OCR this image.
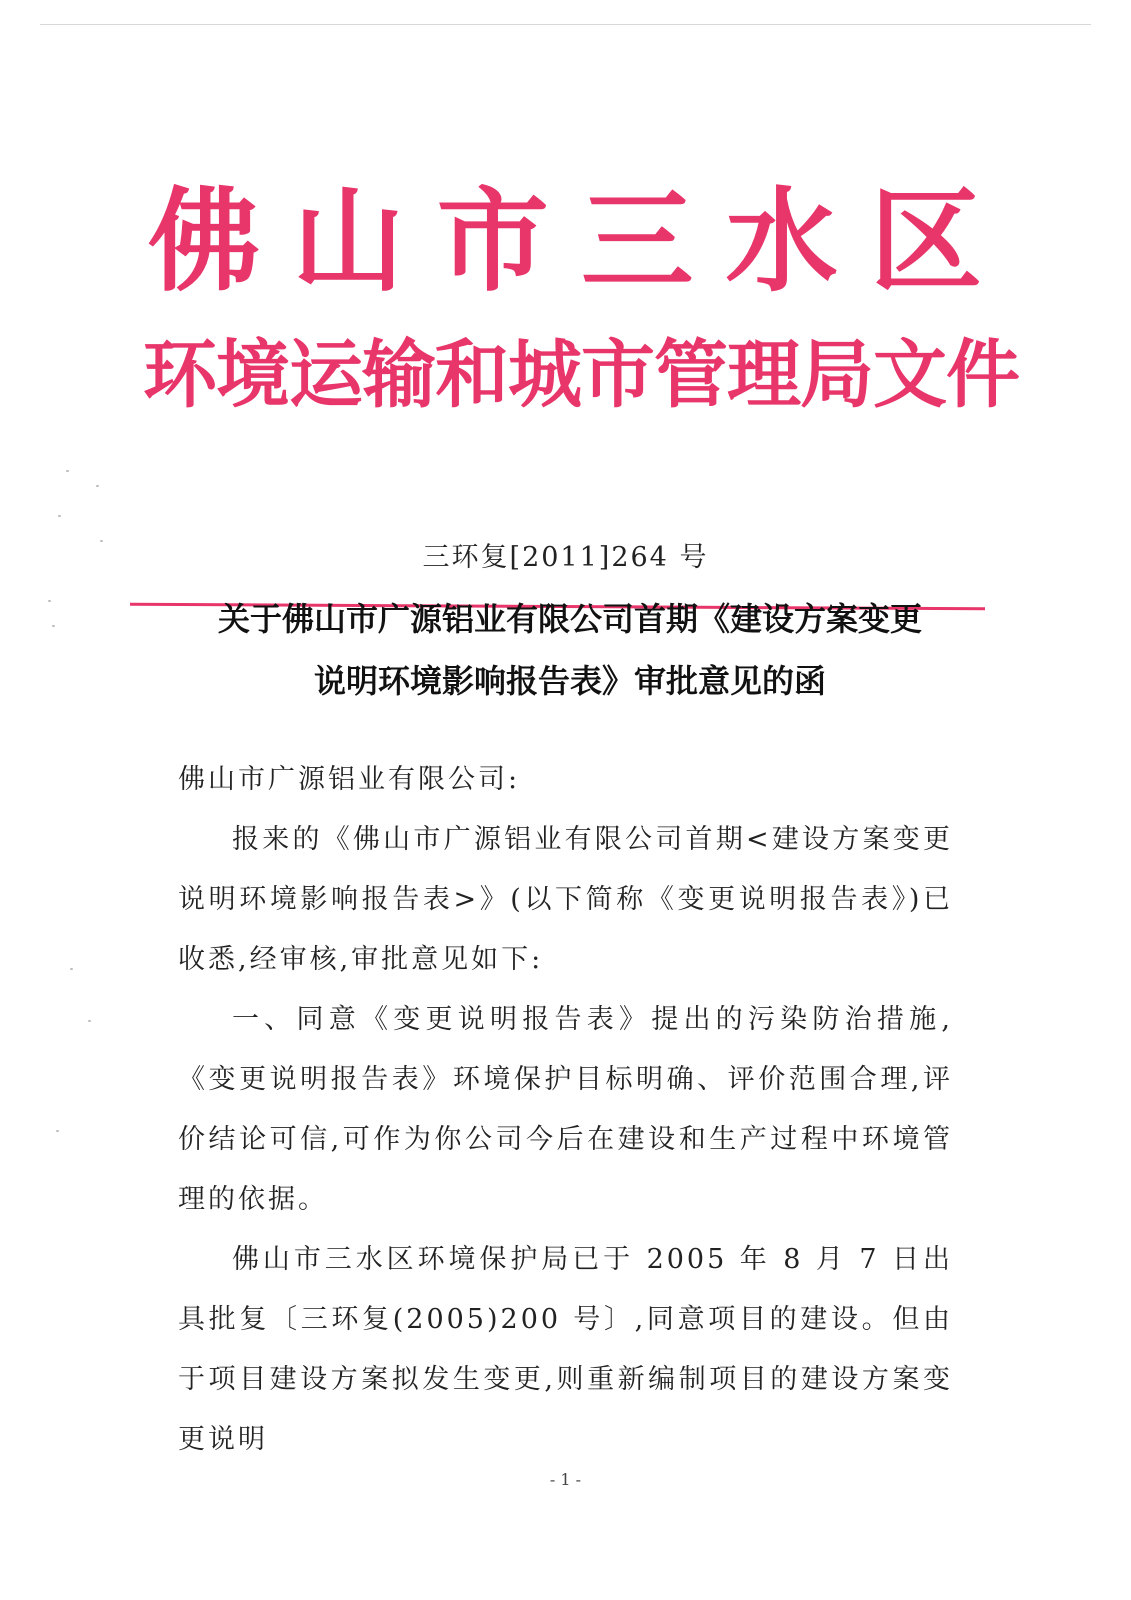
佛 山 市 三 水 区
环境运输和城市管理局文件
三环复[2011]264 号
关于佛山市广源铝业有限公司首期《建设方案变更
说明环境影响报告表》审批意见的函

佛山市广源铝业有限公司:

报来的《佛山市广源铝业有限公司首期<建设方案变更说明环境影响报告表>》(以下简称《变更说明报告表》)已收悉,经审核,审批意见如下:

一、同意《变更说明报告表》提出的污染防治措施,《变更说明报告表》环境保护目标明确、评价范围合理,评价结论可信,可作为你公司今后在建设和生产过程中环境管理的依据。

佛山市三水区环境保护局已于 2005 年 8 月 7 日出具批复〔三环复(2005)200 号〕,同意项目的建设。但由于项目建设方案拟发生变更,则重新编制项目的建设方案变更说明

- 1 -
